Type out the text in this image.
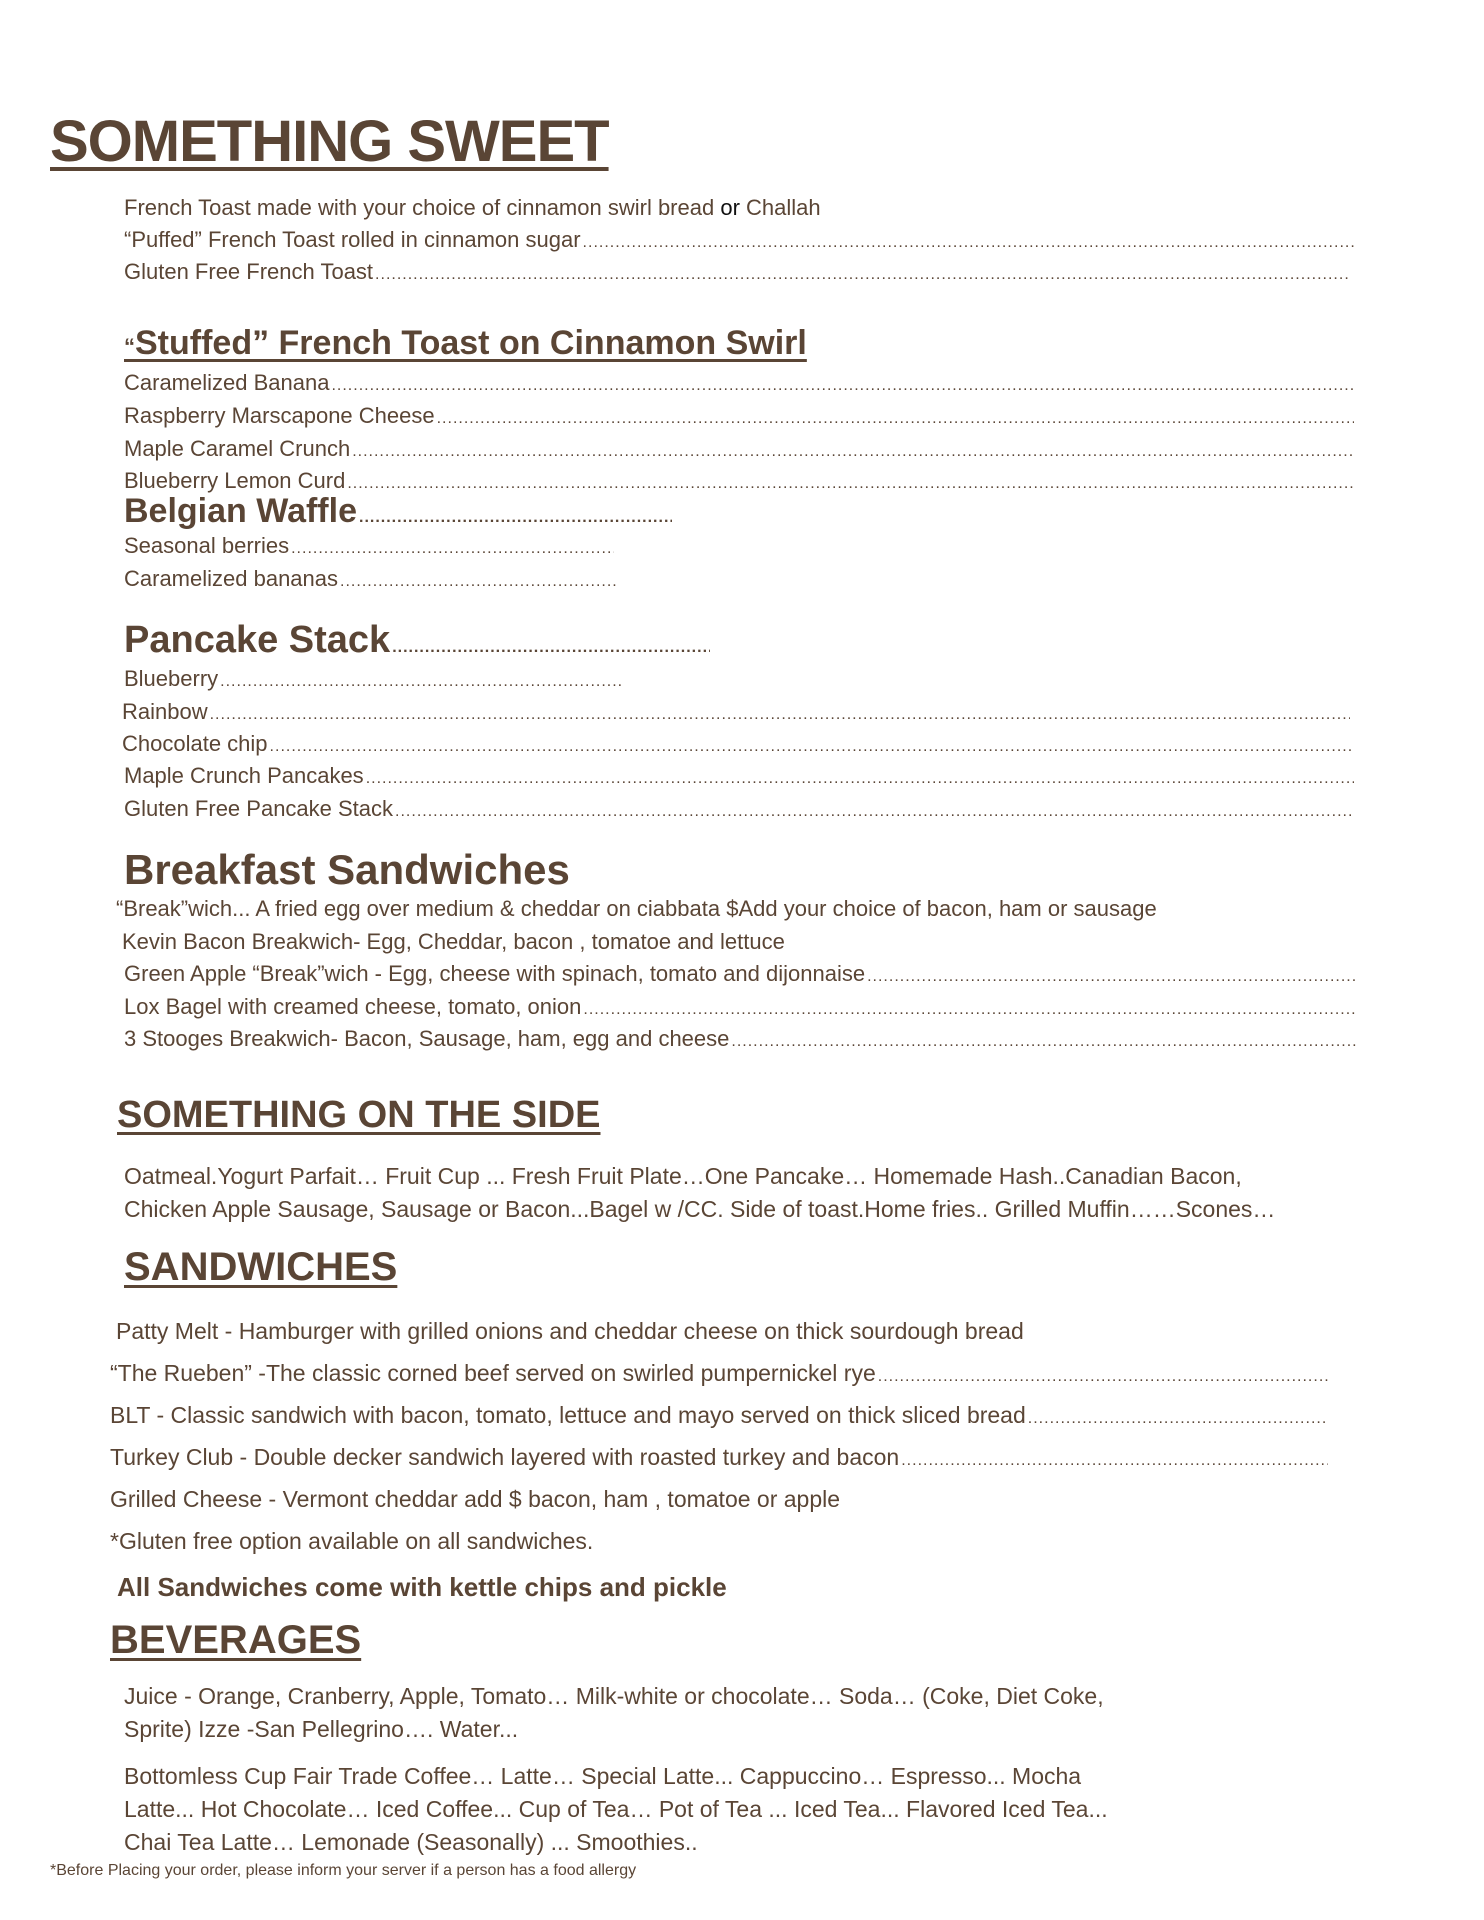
SOMETHING SWEET
French Toast made with your choice of cinnamon swirl bread or Challah
“Puffed” French Toast rolled in cinnamon sugar
.....
Gluten Free French Toast
.....
“Stuffed” French Toast on Cinnamon Swirl
Caramelized Banana
.....
Raspberry Marscapone Cheese
.....
Maple Caramel Crunch
.....
Blueberry Lemon Curd
.....
Belgian Waffle
.....
Seasonal berries
.....
Caramelized bananas
.....
Pancake Stack
.....
Blueberry
.....
Rainbow
.....
Chocolate chip
.....
Maple Crunch Pancakes
.....
Gluten Free Pancake Stack
.....
Breakfast Sandwiches
“Break”wich... A fried egg over medium & cheddar on ciabbata $Add your choice of bacon, ham or sausage
Kevin Bacon Breakwich- Egg, Cheddar, bacon , tomatoe and lettuce
Green Apple “Break”wich - Egg, cheese with spinach, tomato and dijonnaise
.....
Lox Bagel with creamed cheese, tomato, onion
.....
3 Stooges Breakwich- Bacon, Sausage, ham, egg and cheese
.....
SOMETHING ON THE SIDE
Oatmeal.Yogurt Parfait… Fruit Cup ... Fresh Fruit Plate…One Pancake… Homemade Hash..Canadian Bacon,
Chicken Apple Sausage, Sausage or Bacon...Bagel w /CC. Side of toast.Home fries.. Grilled Muffin……Scones…
SANDWICHES
Patty Melt - Hamburger with grilled onions and cheddar cheese on thick sourdough bread
“The Rueben” -The classic corned beef served on swirled pumpernickel rye
.....
BLT - Classic sandwich with bacon, tomato, lettuce and mayo served on thick sliced bread
.....
Turkey Club - Double decker sandwich layered with roasted turkey and bacon
.....
Grilled Cheese - Vermont cheddar add $ bacon, ham , tomatoe or apple
*Gluten free option available on all sandwiches.
All Sandwiches come with kettle chips and pickle
BEVERAGES
Juice - Orange, Cranberry, Apple, Tomato… Milk-white or chocolate… Soda… (Coke, Diet Coke,
Sprite) Izze -San Pellegrino…. Water...
Bottomless Cup Fair Trade Coffee… Latte… Special Latte... Cappuccino… Espresso... Mocha
Latte... Hot Chocolate… Iced Coffee... Cup of Tea… Pot of Tea ... Iced Tea... Flavored Iced Tea...
Chai Tea Latte… Lemonade (Seasonally) ... Smoothies..
*Before Placing your order, please inform your server if a person has a food allergy
